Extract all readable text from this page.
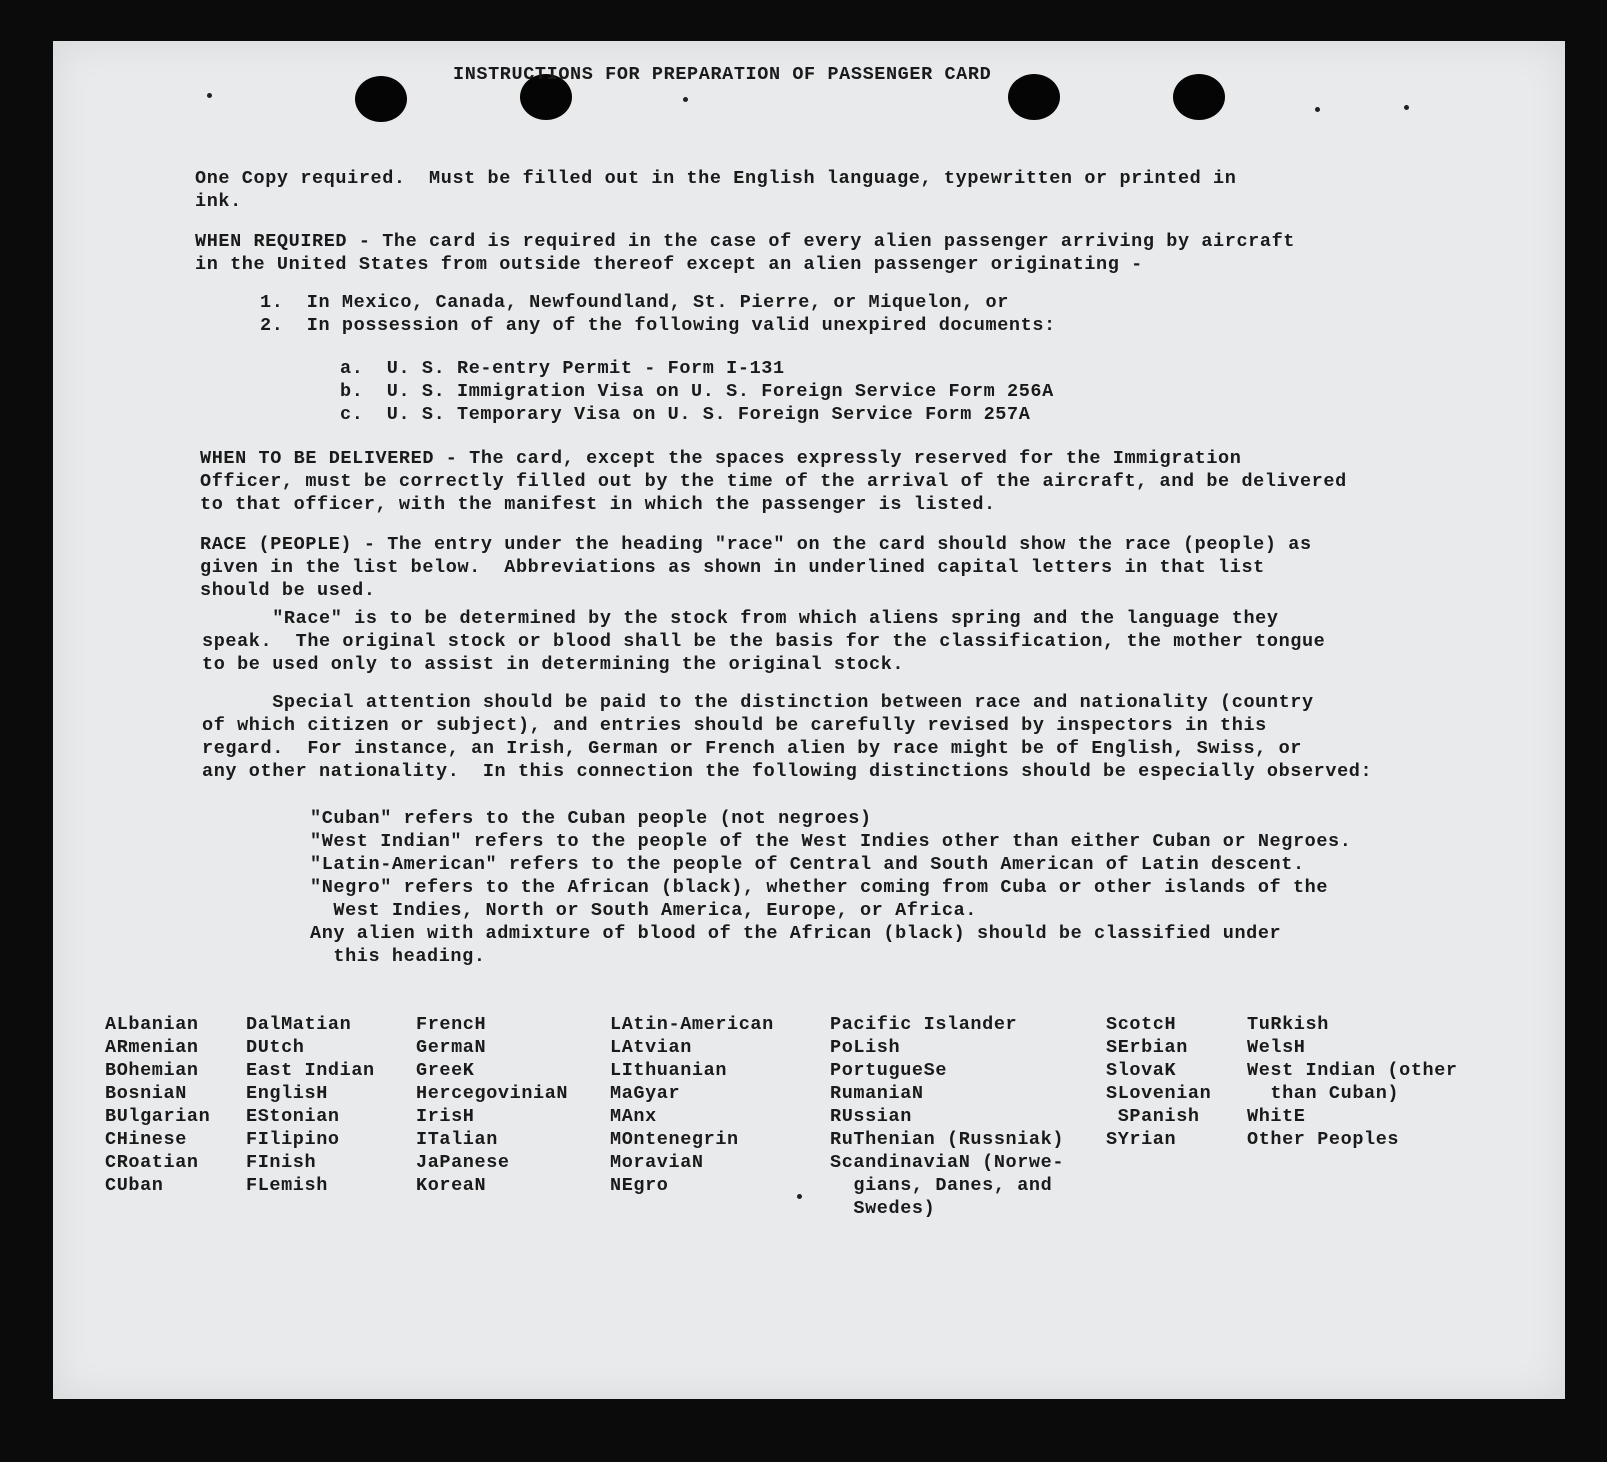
INSTRUCTIONS FOR PREPARATION OF PASSENGER CARD

One Copy required.  Must be filled out in the English language, typewritten or printed in
ink.

WHEN REQUIRED - The card is required in the case of every alien passenger arriving by aircraft
in the United States from outside thereof except an alien passenger originating -

1.  In Mexico, Canada, Newfoundland, St. Pierre, or Miquelon, or
2.  In possession of any of the following valid unexpired documents:

a.  U. S. Re-entry Permit - Form I-131
b.  U. S. Immigration Visa on U. S. Foreign Service Form 256A
c.  U. S. Temporary Visa on U. S. Foreign Service Form 257A

WHEN TO BE DELIVERED - The card, except the spaces expressly reserved for the Immigration
Officer, must be correctly filled out by the time of the arrival of the aircraft, and be delivered
to that officer, with the manifest in which the passenger is listed.

RACE (PEOPLE) - The entry under the heading "race" on the card should show the race (people) as
given in the list below.  Abbreviations as shown in underlined capital letters in that list
should be used.

"Race" is to be determined by the stock from which aliens spring and the language they
speak.  The original stock or blood shall be the basis for the classification, the mother tongue
to be used only to assist in determining the original stock.

Special attention should be paid to the distinction between race and nationality (country
of which citizen or subject), and entries should be carefully revised by inspectors in this
regard.  For instance, an Irish, German or French alien by race might be of English, Swiss, or
any other nationality.  In this connection the following distinctions should be especially observed:

"Cuban" refers to the Cuban people (not negroes)
"West Indian" refers to the people of the West Indies other than either Cuban or Negroes.
"Latin-American" refers to the people of Central and South American of Latin descent.
"Negro" refers to the African (black), whether coming from Cuba or other islands of the
West Indies, North or South America, Europe, or Africa.
Any alien with admixture of blood of the African (black) should be classified under
this heading.

ALbanian
ARmenian
BOhemian
BosniaN
BUlgarian
CHinese
CRoatian
CUban

DalMatian
DUtch
East Indian
EnglisH
EStonian
FIlipino
FInish
FLemish

FrencH
GermaN
GreeK
HercegoviniaN
IrisH
ITalian
JaPanese
KoreaN

LAtin-American
LAtvian
LIthuanian
MaGyar
MAnx
MOntenegrin
MoraviaN
NEgro

Pacific Islander
PoLish
PortugueSe
RumaniaN
RUssian
RuThenian (Russniak)
ScandinaviaN (Norwe-
gians, Danes, and
Swedes)

ScotcH
SErbian
SlovaK
SLovenian
SPanish
SYrian

TuRkish
WelsH
West Indian (other
than Cuban)
WhitE
Other Peoples
